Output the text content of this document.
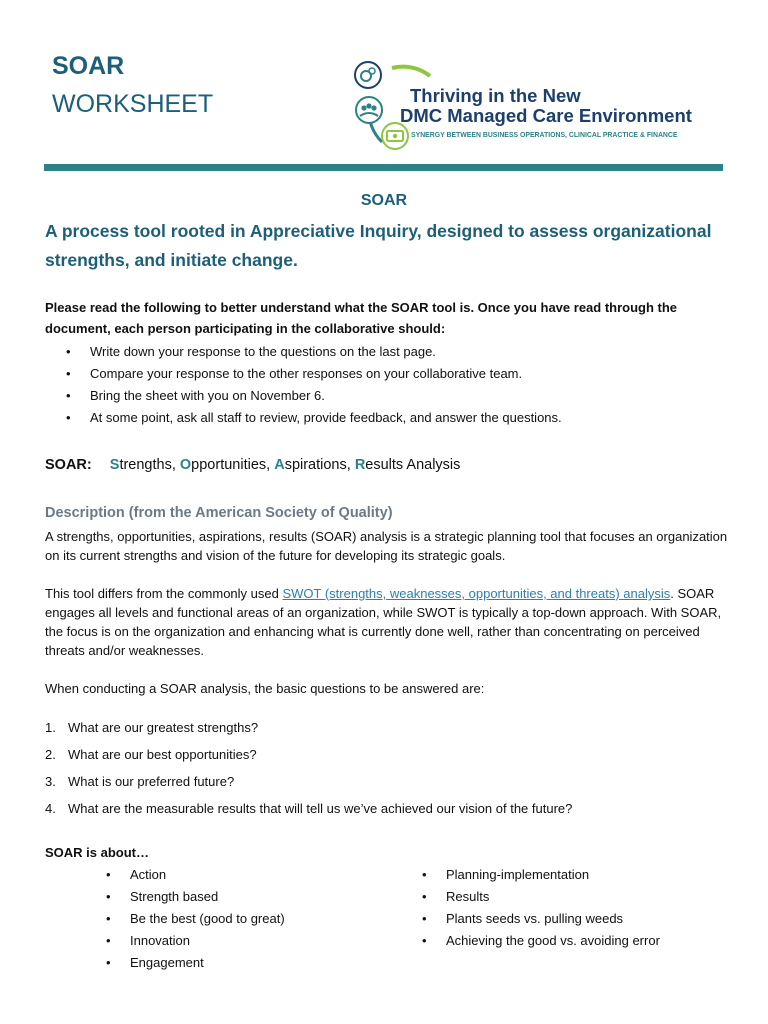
SOAR
WORKSHEET	Thriving in the New
DMC Managed Care Environment
SYNERGY BETWEEN BUSINESS OPERATIONS, CLINICAL PRACTICE & FINANCE
SOAR
A process tool rooted in Appreciative Inquiry, designed to assess organizational strengths, and initiate change.
Please read the following to better understand what the SOAR tool is. Once you have read through the document, each person participating in the collaborative should:
• Write down your response to the questions on the last page.
• Compare your response to the other responses on your collaborative team.
• Bring the sheet with you on November 6.
• At some point, ask all staff to review, provide feedback, and answer the questions.
SOAR: Strengths, Opportunities, Aspirations, Results Analysis
Description (from the American Society of Quality)
A strengths, opportunities, aspirations, results (SOAR) analysis is a strategic planning tool that focuses an organization on its current strengths and vision of the future for developing its strategic goals.
This tool differs from the commonly used SWOT (strengths, weaknesses, opportunities, and threats) analysis. SOAR engages all levels and functional areas of an organization, while SWOT is typically a top-down approach. With SOAR, the focus is on the organization and enhancing what is currently done well, rather than concentrating on perceived threats and/or weaknesses.
When conducting a SOAR analysis, the basic questions to be answered are:
1. What are our greatest strengths?
2. What are our best opportunities?
3. What is our preferred future?
4. What are the measurable results that will tell us we’ve achieved our vision of the future?
SOAR is about…
• Action
• Strength based
• Be the best (good to great)
• Innovation
• Engagement
• Planning-implementation
• Results
• Plants seeds vs. pulling weeds
• Achieving the good vs. avoiding error
